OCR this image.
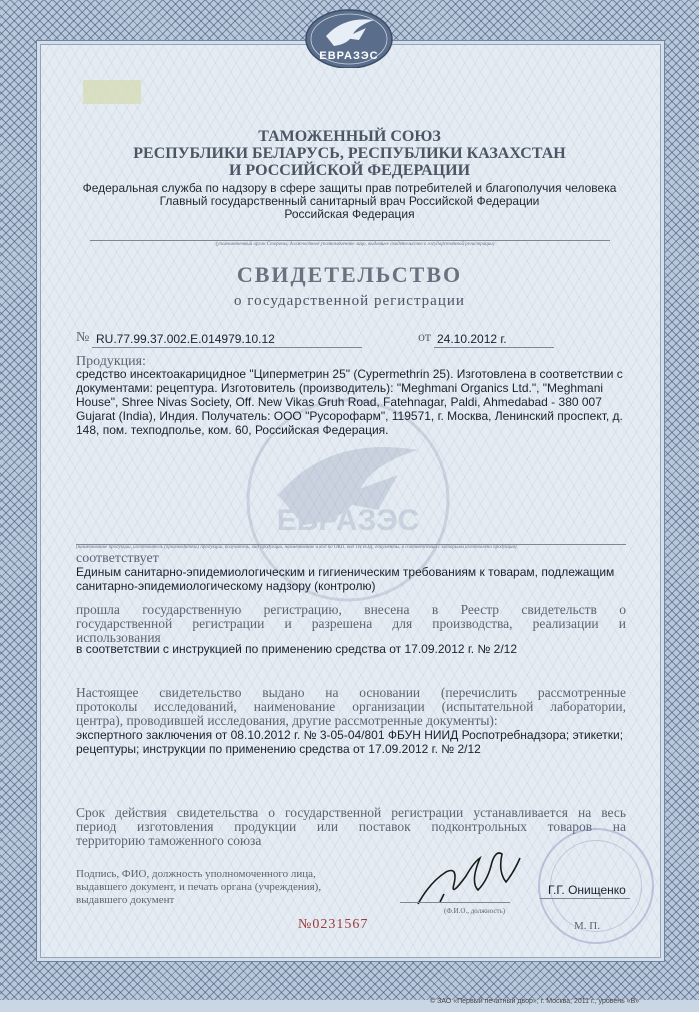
ЕВРАЗЭС
ЕВРАЗЭС
ТАМОЖЕННЫЙ СОЮЗ
РЕСПУБЛИКИ БЕЛАРУСЬ, РЕСПУБЛИКИ КАЗАХСТАН
И РОССИЙСКОЙ ФЕДЕРАЦИИ
Федеральная служба по надзору в сфере защиты прав потребителей и благополучия человека
Главный государственный санитарный врач Российской Федерации
Российская Федерация
(уполномоченный орган Стороны, должностное уполномоченное лицо, выдавшее свидетельство о государственной регистрации)
СВИДЕТЕЛЬСТВО
о государственной регистрации
№ RU.77.99.37.002.E.014979.10.12	от 24.10.2012 г.
Продукция:
средство инсектоакарицидное "Циперметрин 25" (Cypermethrin 25). Изготовлена в соответствии с
документами: рецептура. Изготовитель (производитель): "Meghmani Organics Ltd.", "Meghmani
House", Shree Nivas Society, Off. New Vikas Gruh Road, Fatehnagar, Paldi, Ahmedabad - 380 007
Gujarat (India), Индия. Получатель: ООО "Русорофарм", 119571, г. Москва, Ленинский проспект, д.
148, пом. техподполье, ком. 60, Российская Федерация.
(наименование продукции, изготовитель (производитель) продукции, получатель, вид продукции, наименование и код по ОКП, код ТН ВЭД, документы, в соответствии с которыми изготовлена продукция)
соответствует
Единым санитарно-эпидемиологическим и гигиеническим требованиям к товарам, подлежащим
санитарно-эпидемиологическому надзору (контролю)
прошла государственную регистрацию, внесена в Реестр свидетельств о
государственной регистрации и разрешена для производства, реализации и
использования
в соответствии с инструкцией по применению средства от 17.09.2012 г. № 2/12
Настоящее свидетельство выдано на основании (перечислить рассмотренные
протоколы исследований, наименование организации (испытательной лаборатории,
центра), проводившей исследования, другие рассмотренные документы):
экспертного заключения от 08.10.2012 г. № 3-05-04/801 ФБУН НИИД Роспотребнадзора; этикетки;
рецептуры; инструкции по применению средства от 17.09.2012 г. № 2/12
Срок действия свидетельства о государственной регистрации устанавливается на весь
период изготовления продукции или поставок подконтрольных товаров на
территорию таможенного союза
Подпись, ФИО, должность уполномоченного лица,
выдавшего документ, и печать органа (учреждения),
выдавшего документ
Г.Г. Онищенко
(Ф.И.О., должность)
М. П.
№0231567
© ЗАО «Первый печатный двор», г. Москва, 2011 г., уровень «В»
